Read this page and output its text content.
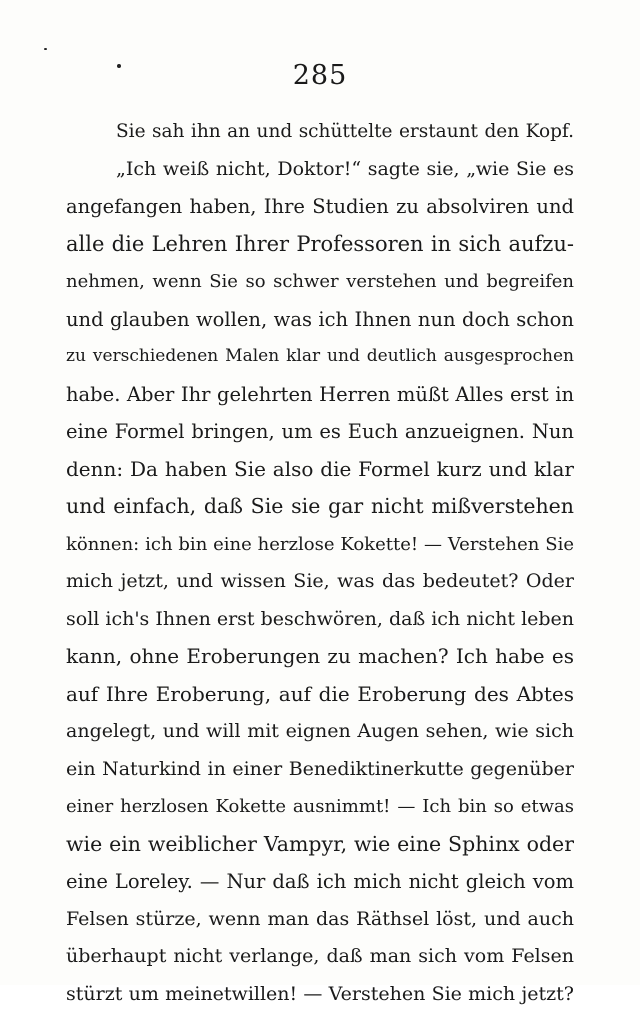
285
Sie sah ihn an und schüttelte erstaunt den Kopf.
„Ich weiß nicht, Doktor!“ sagte sie, „wie Sie es
angefangen haben, Ihre Studien zu absolviren und
alle die Lehren Ihrer Professoren in sich aufzu-
nehmen, wenn Sie so schwer verstehen und begreifen
und glauben wollen, was ich Ihnen nun doch schon
zu verschiedenen Malen klar und deutlich ausgesprochen
habe. Aber Ihr gelehrten Herren müßt Alles erst in
eine Formel bringen, um es Euch anzueignen. Nun
denn: Da haben Sie also die Formel kurz und klar
und einfach, daß Sie sie gar nicht mißverstehen
können: ich bin eine herzlose Kokette! — Verstehen Sie
mich jetzt, und wissen Sie, was das bedeutet? Oder
soll ich's Ihnen erst beschwören, daß ich nicht leben
kann, ohne Eroberungen zu machen? Ich habe es
auf Ihre Eroberung, auf die Eroberung des Abtes
angelegt, und will mit eignen Augen sehen, wie sich
ein Naturkind in einer Benediktinerkutte gegenüber
einer herzlosen Kokette ausnimmt! — Ich bin so etwas
wie ein weiblicher Vampyr, wie eine Sphinx oder
eine Loreley. — Nur daß ich mich nicht gleich vom
Felsen stürze, wenn man das Räthsel löst, und auch
überhaupt nicht verlange, daß man sich vom Felsen
stürzt um meinetwillen! — Verstehen Sie mich jetzt?
